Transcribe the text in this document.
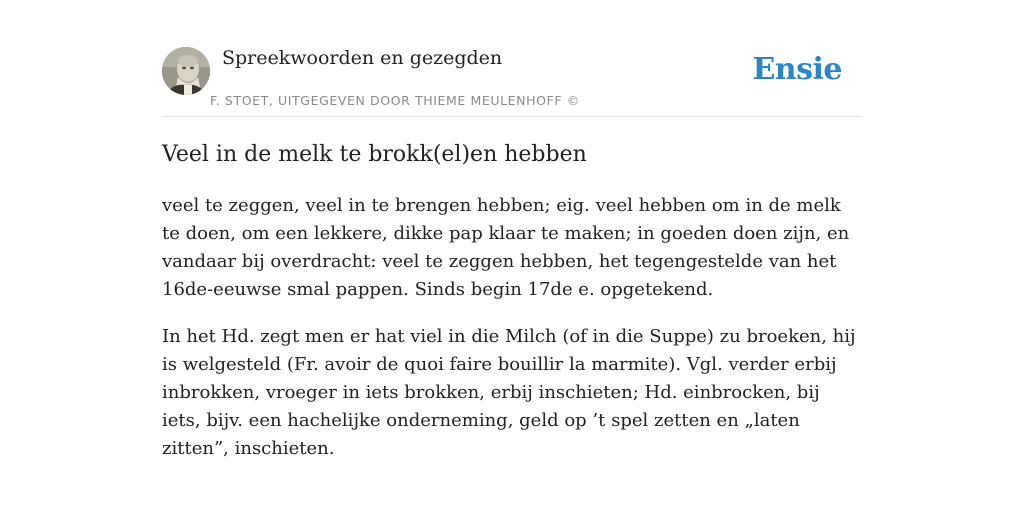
Spreekwoorden en gezegden
F. STOET, UITGEGEVEN DOOR THIEME MEULENHOFF ©
Ensie
Veel in de melk te brokk(el)en hebben

veel te zeggen, veel in te brengen hebben; eig. veel hebben om in de melk te doen, om een lekkere, dikke pap klaar te maken; in goeden doen zijn, en vandaar bij overdracht: veel te zeggen hebben, het tegengestelde van het 16de-eeuwse smal pappen. Sinds begin 17de e. opgetekend.

In het Hd. zegt men er hat viel in die Milch (of in die Suppe) zu broeken, hij is welgesteld (Fr. avoir de quoi faire bouillir la marmite). Vgl. verder erbij inbrokken, vroeger in iets brokken, erbij inschieten; Hd. einbrocken, bij iets, bijv. een hachelijke onderneming, geld op ’t spel zetten en „laten zitten”, inschieten.
